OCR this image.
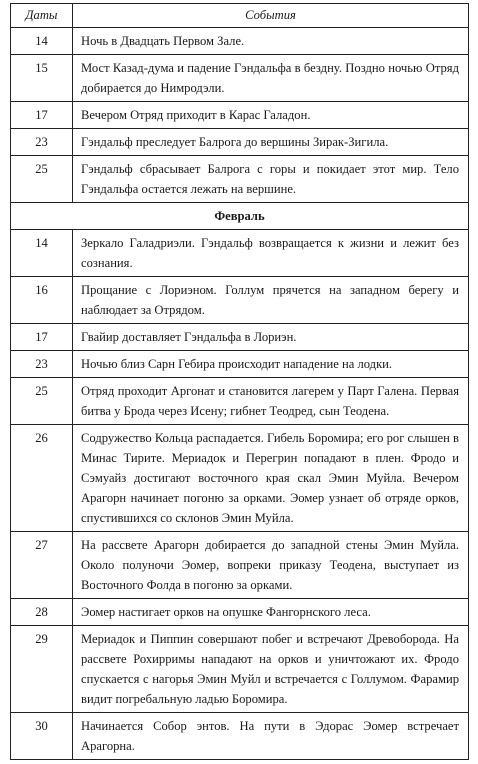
Даты	События
14	Ночь в Двадцать Первом Зале.
15	Мост Казад-дума и падение Гэндальфа в бездну. Поздно ночью Отряд добирается до Нимродэли.
17	Вечером Отряд приходит в Карас Галадон.
23	Гэндальф преследует Балрога до вершины Зирак-Зигила.
25	Гэндальф сбрасывает Балрога с горы и покидает этот мир. Тело Гэндальфа остается лежать на вершине.
Февраль	
14	Зеркало Галадриэли. Гэндальф возвращается к жизни и лежит без сознания.
16	Прощание с Лориэном. Голлум прячется на западном берегу и наблюдает за Отрядом.
17	Гвайир доставляет Гэндальфа в Лориэн.
23	Ночью близ Сарн Гебира происходит нападение на лодки.
25	Отряд проходит Аргонат и становится лагерем у Парт Галена. Первая битва у Брода через Исену; гибнет Теодред, сын Теодена.
26	Содружество Кольца распадается. Гибель Боромира; его рог слышен в Минас Тирите. Мериадок и Перегрин попадают в плен. Фродо и Сэмуайз достигают восточного края скал Эмин Муйла. Вечером Арагорн начинает погоню за орками. Эомер узнает об отряде орков, спустившихся со склонов Эмин Муйла.
27	На рассвете Арагорн добирается до западной стены Эмин Муйла. Около полуночи Эомер, вопреки приказу Теодена, выступает из Восточного Фолда в погоню за орками.
28	Эомер настигает орков на опушке Фангорнского леса.
29	Мериадок и Пиппин совершают побег и встречают Древоборода. На рассвете Рохирримы нападают на орков и уничтожают их. Фродо спускается с нагорья Эмин Муйл и встречается с Голлумом. Фарамир видит погребальную ладью Боромира.
30	Начинается Собор энтов. На пути в Эдорас Эомер встречает Арагорна.
